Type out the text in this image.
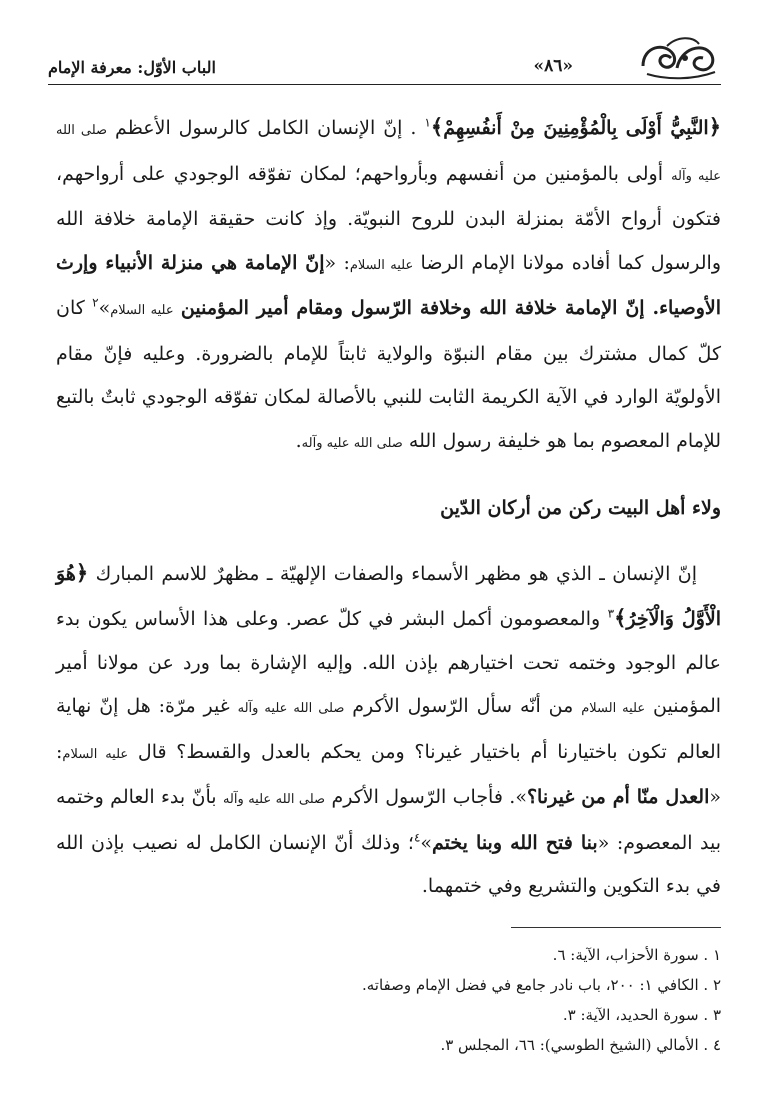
«٨٦»
الباب الأوّل: معرفة الإمام

﴿النَّبِيُّ أَوْلَى بِالْمُؤْمِنِينَ مِنْ أَنفُسِهِمْ﴾$^١$ . إنّ الإنسان الكامل كالرسول الأعظم صلی الله علیه وآله أولى بالمؤمنين من أنفسهم وبأرواحهم؛ لمكان تفوّقه الوجودي على أرواحهم، فتكون أرواح الأمّة بمنزلة البدن للروح النبويّة. وإذ كانت حقيقة الإمامة خلافة الله والرسول كما أفاده مولانا الإمام الرضا علیه السلام: «إنّ الإمامة هي منزلة الأنبياء وإرث الأوصياء. إنّ الإمامة خلافة الله وخلافة الرّسول ومقام أمير المؤمنين علیه السلام»$^٢$ كان كلّ كمال مشترك بين مقام النبوّة والولاية ثابتاً للإمام بالضرورة. وعليه فإنّ مقام الأولويّة الوارد في الآية الكريمة الثابت للنبي بالأصالة لمكان تفوّقه الوجودي ثابتٌ بالتبع للإمام المعصوم بما هو خليفة رسول الله صلی الله علیه وآله.

ولاء أهل البيت ركن من أركان الدّين

إنّ الإنسان ـ الذي هو مظهر الأسماء والصفات الإلهيّة ـ مظهرٌ للاسم المبارك ﴿هُوَ الْأَوَّلُ وَالْآخِرُ﴾$^٣$ والمعصومون أكمل البشر في كلّ عصر. وعلى هذا الأساس يكون بدء عالم الوجود وختمه تحت اختيارهم بإذن الله. وإليه الإشارة بما ورد عن مولانا أمير المؤمنين علیه السلام من أنّه سأل الرّسول الأكرم صلی الله علیه وآله غير مرّة: هل إنّ نهاية العالم تكون باختيارنا أم باختيار غيرنا؟ ومن يحكم بالعدل والقسط؟ قال علیه السلام: «العدل منّا أم من غيرنا؟». فأجاب الرّسول الأكرم صلی الله علیه وآله بأنّ بدء العالم وختمه بيد المعصوم: «بنا فتح الله وبنا يختم»$^٤$؛ وذلك أنّ الإنسان الكامل له نصيب بإذن الله في بدء التكوين والتشريع وفي ختمهما.

١ . سورة الأحزاب، الآية: ٦.
٢ . الكافي ١: ٢٠٠، باب نادر جامع في فضل الإمام وصفاته.
٣ . سورة الحديد، الآية: ٣.
٤ . الأمالي (الشيخ الطوسي): ٦٦، المجلس ٣.
